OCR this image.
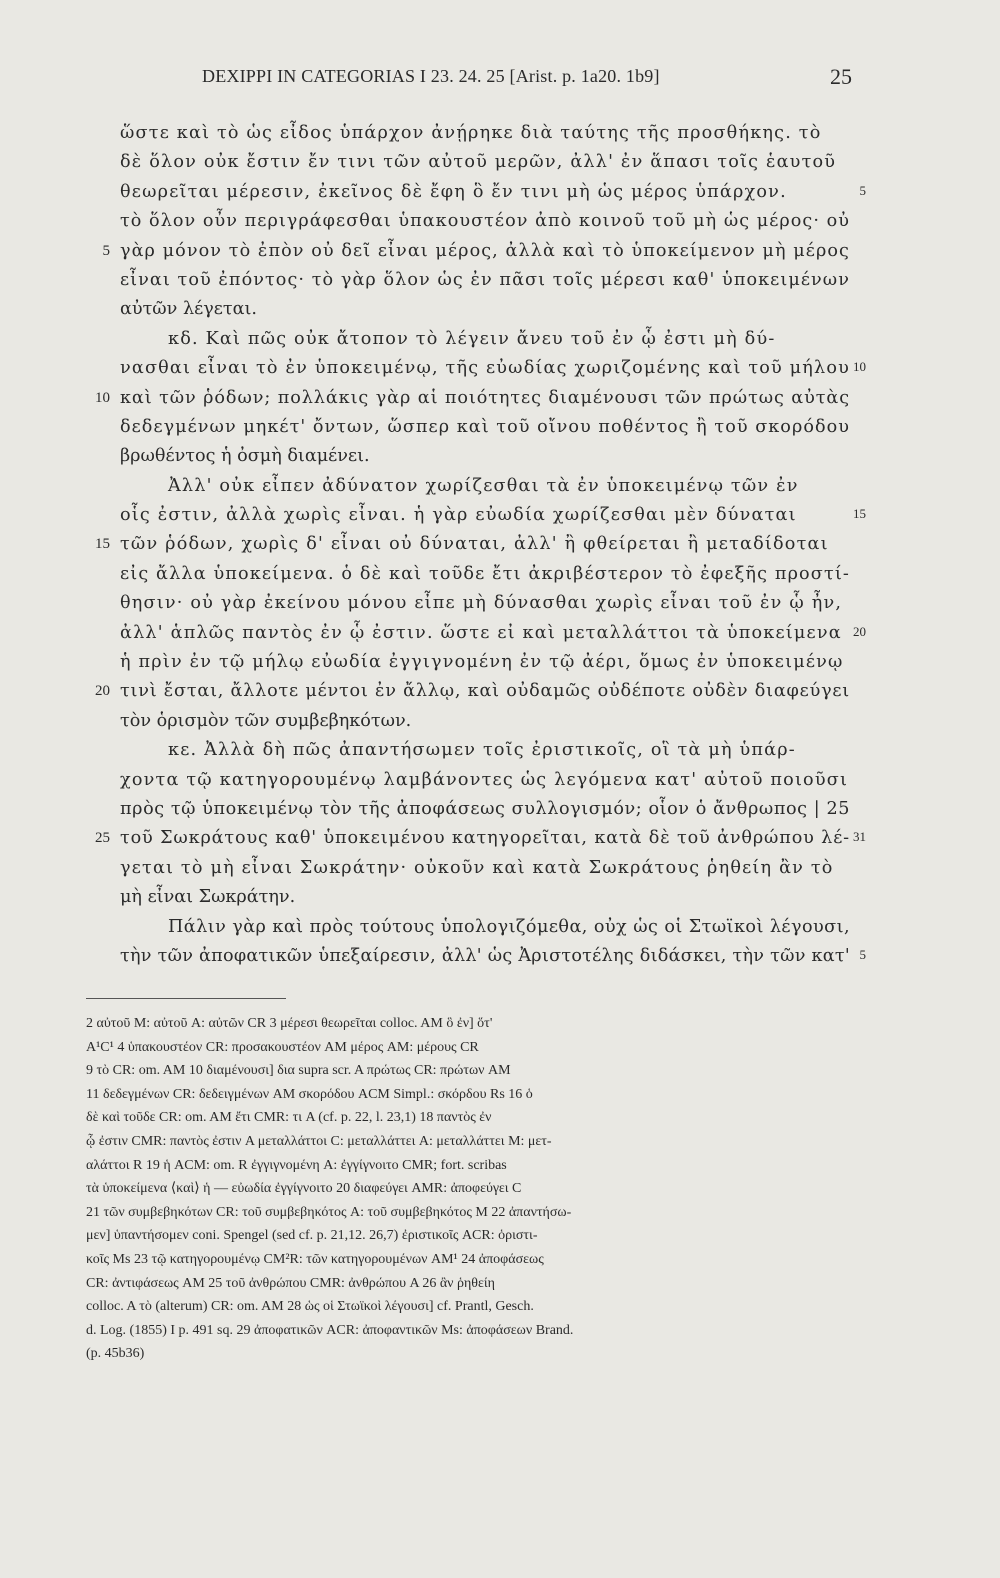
DEXIPPI IN CATEGORIAS I 23. 24. 25 [Arist. p. 1a20. 1b9]	25
ὥστε καὶ τὸ ὡς εἶδος ὑπάρχον ἀνῄρηκε διὰ ταύτης τῆς προσθήκης. τὸ
δὲ ὅλον οὐκ ἔστιν ἔν τινι τῶν αὐτοῦ μερῶν, ἀλλ' ἐν ἅπασι τοῖς ἑαυτοῦ
θεωρεῖται μέρεσιν, ἐκεῖνος δὲ ἔφη ὃ ἔν τινι μὴ ὡς μέρος ὑπάρχον.	5
τὸ ὅλον οὖν περιγράφεσθαι ὑπακουστέον ἀπὸ κοινοῦ τοῦ μὴ ὡς μέρος· οὐ
5 γὰρ μόνον τὸ ἐπὸν οὐ δεῖ εἶναι μέρος, ἀλλὰ καὶ τὸ ὑποκείμενον μὴ μέρος
εἶναι τοῦ ἐπόντος· τὸ γὰρ ὅλον ὡς ἐν πᾶσι τοῖς μέρεσι καθ' ὑποκειμένων
αὐτῶν λέγεται.
κδ. Καὶ πῶς οὐκ ἄτοπον τὸ λέγειν ἄνευ τοῦ ἐν ᾧ ἐστι μὴ δύ-
νασθαι εἶναι τὸ ἐν ὑποκειμένῳ, τῆς εὐωδίας χωριζομένης καὶ τοῦ μήλου 10
10 καὶ τῶν ῥόδων; πολλάκις γὰρ αἱ ποιότητες διαμένουσι τῶν πρώτως αὐτὰς
δεδεγμένων μηκέτ' ὄντων, ὥσπερ καὶ τοῦ οἴνου ποθέντος ἢ τοῦ σκορόδου
βρωθέντος ἡ ὀσμὴ διαμένει.
Ἀλλ' οὐκ εἶπεν ἀδύνατον χωρίζεσθαι τὰ ἐν ὑποκειμένῳ τῶν ἐν
οἷς ἐστιν, ἀλλὰ χωρὶς εἶναι. ἡ γὰρ εὐωδία χωρίζεσθαι μὲν δύναται	15
15 τῶν ῥόδων, χωρὶς δ' εἶναι οὐ δύναται, ἀλλ' ἢ φθείρεται ἢ μεταδίδοται
εἰς ἄλλα ὑποκείμενα. ὁ δὲ καὶ τοῦδε ἔτι ἀκριβέστερον τὸ ἐφεξῆς προστί-
θησιν· οὐ γὰρ ἐκείνου μόνου εἶπε μὴ δύνασθαι χωρὶς εἶναι τοῦ ἐν ᾧ ἦν,
ἀλλ' ἁπλῶς παντὸς ἐν ᾧ ἐστιν. ὥστε εἰ καὶ μεταλλάττοι τὰ ὑποκείμενα 20
ἡ πρὶν ἐν τῷ μήλῳ εὐωδία ἐγγιγνομένη ἐν τῷ ἀέρι, ὅμως ἐν ὑποκειμένῳ
20 τινὶ ἔσται, ἄλλοτε μέντοι ἐν ἄλλῳ, καὶ οὐδαμῶς οὐδέποτε οὐδὲν διαφεύγει
τὸν ὁρισμὸν τῶν συμβεβηκότων.
κε. Ἀλλὰ δὴ πῶς ἀπαντήσωμεν τοῖς ἐριστικοῖς, οἳ τὰ μὴ ὑπάρ-
χοντα τῷ κατηγορουμένῳ λαμβάνοντες ὡς λεγόμενα κατ' αὐτοῦ ποιοῦσι
πρὸς τῷ ὑποκειμένῳ τὸν τῆς ἀποφάσεως συλλογισμόν; οἷον ὁ ἄνθρωπος | 25
25 τοῦ Σωκράτους καθ' ὑποκειμένου κατηγορεῖται, κατὰ δὲ τοῦ ἀνθρώπου λέ- 31
γεται τὸ μὴ εἶναι Σωκράτην· οὐκοῦν καὶ κατὰ Σωκράτους ῥηθείη ἂν τὸ
μὴ εἶναι Σωκράτην.
Πάλιν γὰρ καὶ πρὸς τούτους ὑπολογιζόμεθα, οὐχ ὡς οἱ Στωϊκοὶ λέγουσι,
τὴν τῶν ἀποφατικῶν ὑπεξαίρεσιν, ἀλλ' ὡς Ἀριστοτέλης διδάσκει, τὴν τῶν κατ' 5
2 αὐτοῦ M: αὐτοῦ A: αὐτῶν CR 3 μέρεσι θεωρεῖται colloc. AM ὃ ἐν] ὅτ'
A¹C¹ 4 ὑπακουστέον CR: προσακουστέον AM μέρος AM: μέρους CR
9 τὸ CR: om. AM 10 διαμένουσι] δια supra scr. A πρώτως CR: πρώτων AM
11 δεδεγμένων CR: δεδειγμένων AM σκορόδου ACM Simpl.: σκόρδου Rs 16 ὁ
δὲ καὶ τοῦδε CR: om. AM ἔτι CMR: τι A (cf. p. 22, l. 23,1) 18 παντὸς ἐν
ᾧ ἐστιν CMR: παντὸς ἐστιν A μεταλλάττοι C: μεταλλάττει A: μεταλλάττει M: μετ-
αλάττοι R 19 ἡ ACM: om. R ἐγγιγνομένη A: ἐγγίγνοιτο CMR; fort. scribas
τὰ ὑποκείμενα ⟨καὶ⟩ ἡ — εὐωδία ἐγγίγνοιτο 20 διαφεύγει AMR: ἀποφεύγει C
21 τῶν συμβεβηκότων CR: τοῦ συμβεβηκότος A: τοῦ συμβεβηκότος M 22 ἀπαντήσω-
μεν] ὑπαντήσομεν coni. Spengel (sed cf. p. 21,12. 26,7) ἐριστικοῖς ACR: ὁριστι-
κοῖς Ms 23 τῷ κατηγορουμένῳ CM²R: τῶν κατηγορουμένων AM¹ 24 ἀποφάσεως
CR: ἀντιφάσεως AM 25 τοῦ ἀνθρώπου CMR: ἀνθρώπου A 26 ἂν ῥηθείη
colloc. A τὸ (alterum) CR: om. AM 28 ὡς οἱ Στωϊκοὶ λέγουσι] cf. Prantl, Gesch.
d. Log. (1855) I p. 491 sq. 29 ἀποφατικῶν ACR: ἀποφαντικῶν Ms: ἀποφάσεων Brand.
(p. 45b36)
